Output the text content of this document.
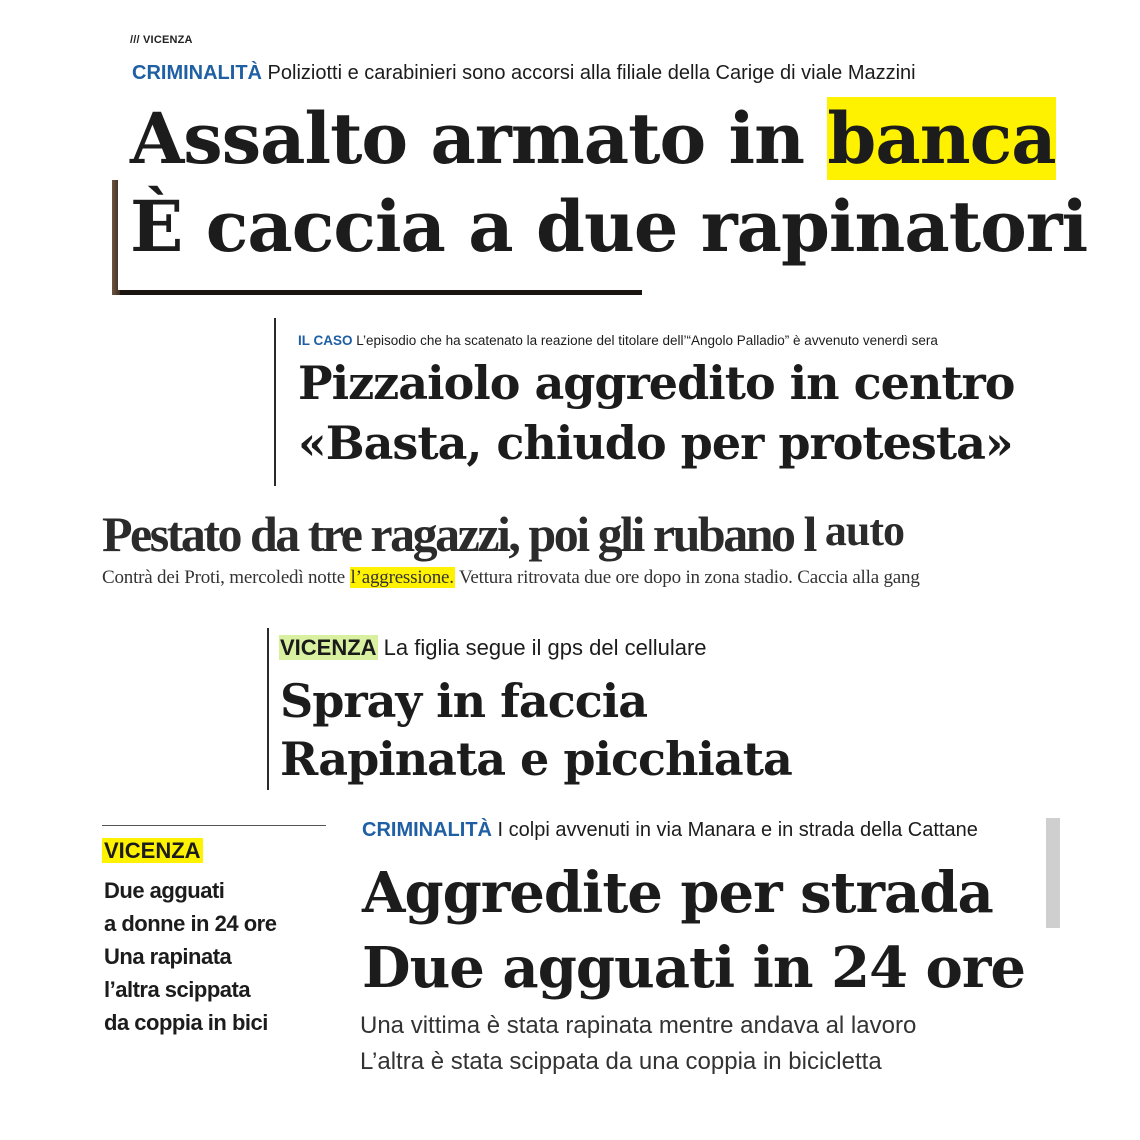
/// VICENZA
CRIMINALITÀ Poliziotti e carabinieri sono accorsi alla filiale della Carige di viale Mazzini
Assalto armato in banca
È caccia a due rapinatori
IL CASO L’episodio che ha scatenato la reazione del titolare dell’“Angolo Palladio” è avvenuto venerdì sera
Pizzaiolo aggredito in centro
«Basta, chiudo per protesta»
Pestato da tre ragazzi, poi gli rubano l auto
Contrà dei Proti, mercoledì notte l’aggressione. Vettura ritrovata due ore dopo in zona stadio. Caccia alla gang
VICENZA La figlia segue il gps del cellulare
Spray in faccia
Rapinata e picchiata
VICENZA
Due agguati
a donne in 24 ore
Una rapinata
l’altra scippata
da coppia in bici
CRIMINALITÀ I colpi avvenuti in via Manara e in strada della Cattane
Aggredite per strada
Due agguati in 24 ore
Una vittima è stata rapinata mentre andava al lavoro
L’altra è stata scippata da una coppia in bicicletta
